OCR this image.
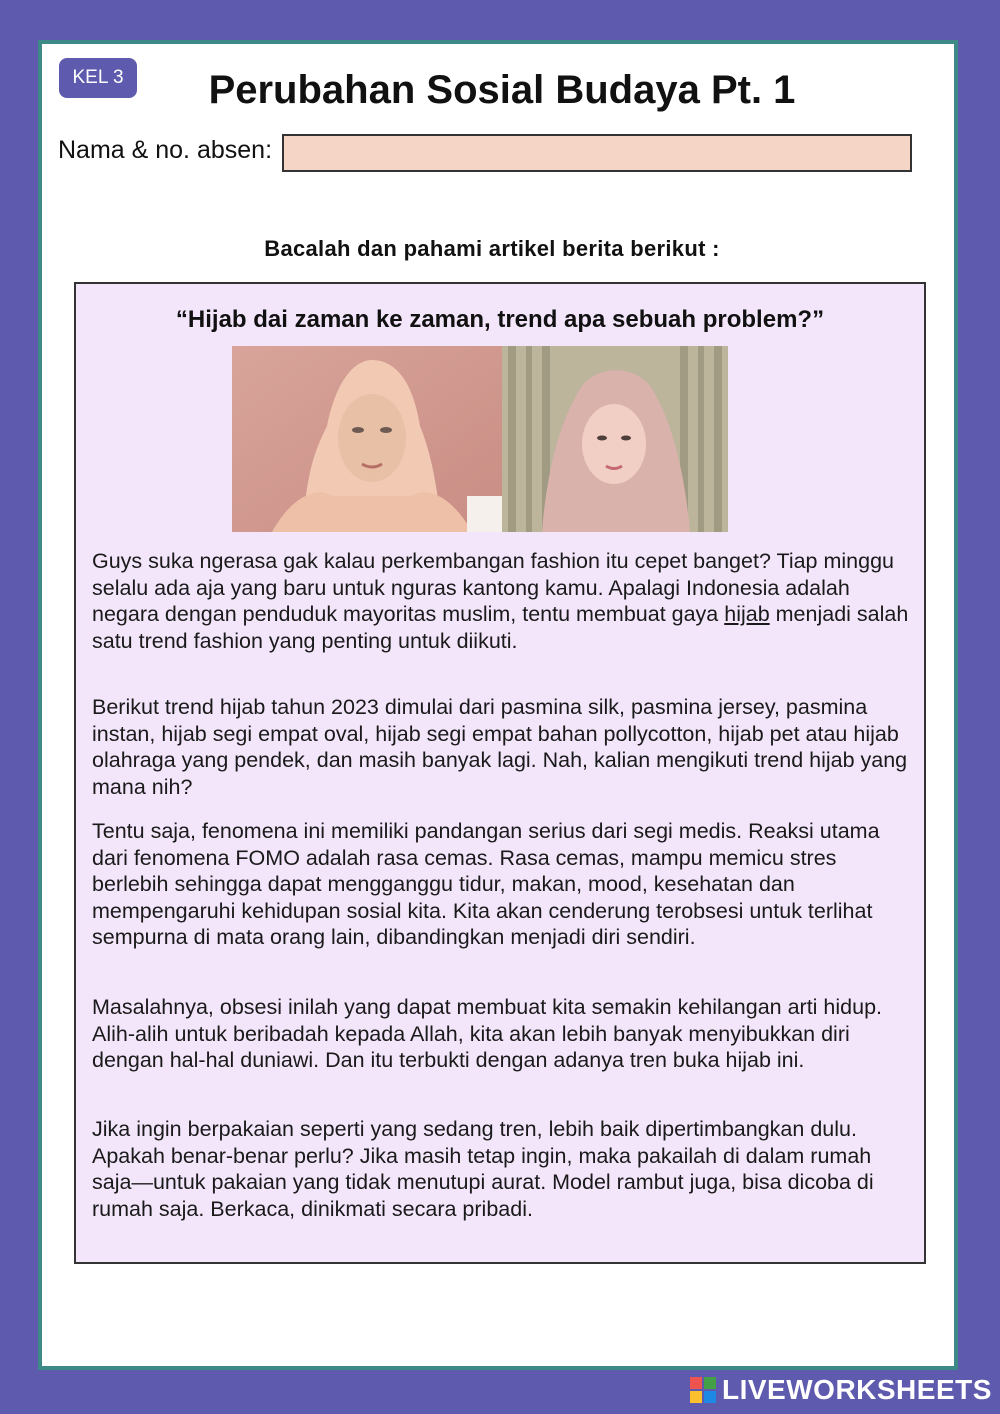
KEL 3	Perubahan Sosial Budaya Pt. 1
Nama & no. absen:
Bacalah dan pahami artikel berita berikut :
“Hijab dai zaman ke zaman, trend apa sebuah problem?”

Guys suka ngerasa gak kalau perkembangan fashion itu cepet banget? Tiap minggu selalu ada aja yang baru untuk nguras kantong kamu. Apalagi Indonesia adalah negara dengan penduduk mayoritas muslim, tentu membuat gaya hijab menjadi salah satu trend fashion yang penting untuk diikuti.

Berikut trend hijab tahun 2023 dimulai dari pasmina silk, pasmina jersey, pasmina instan, hijab segi empat oval, hijab segi empat bahan pollycotton, hijab pet atau hijab olahraga yang pendek, dan masih banyak lagi. Nah, kalian mengikuti trend hijab yang mana nih?

Tentu saja, fenomena ini memiliki pandangan serius dari segi medis. Reaksi utama dari fenomena FOMO adalah rasa cemas. Rasa cemas, mampu memicu stres berlebih sehingga dapat mengganggu tidur, makan, mood, kesehatan dan mempengaruhi kehidupan sosial kita. Kita akan cenderung terobsesi untuk terlihat sempurna di mata orang lain, dibandingkan menjadi diri sendiri.

Masalahnya, obsesi inilah yang dapat membuat kita semakin kehilangan arti hidup. Alih-alih untuk beribadah kepada Allah, kita akan lebih banyak menyibukkan diri dengan hal-hal duniawi. Dan itu terbukti dengan adanya tren buka hijab ini.

Jika ingin berpakaian seperti yang sedang tren, lebih baik dipertimbangkan dulu. Apakah benar-benar perlu? Jika masih tetap ingin, maka pakailah di dalam rumah saja—untuk pakaian yang tidak menutupi aurat. Model rambut juga, bisa dicoba di rumah saja. Berkaca, dinikmati secara pribadi.

LIVEWORKSHEETS
